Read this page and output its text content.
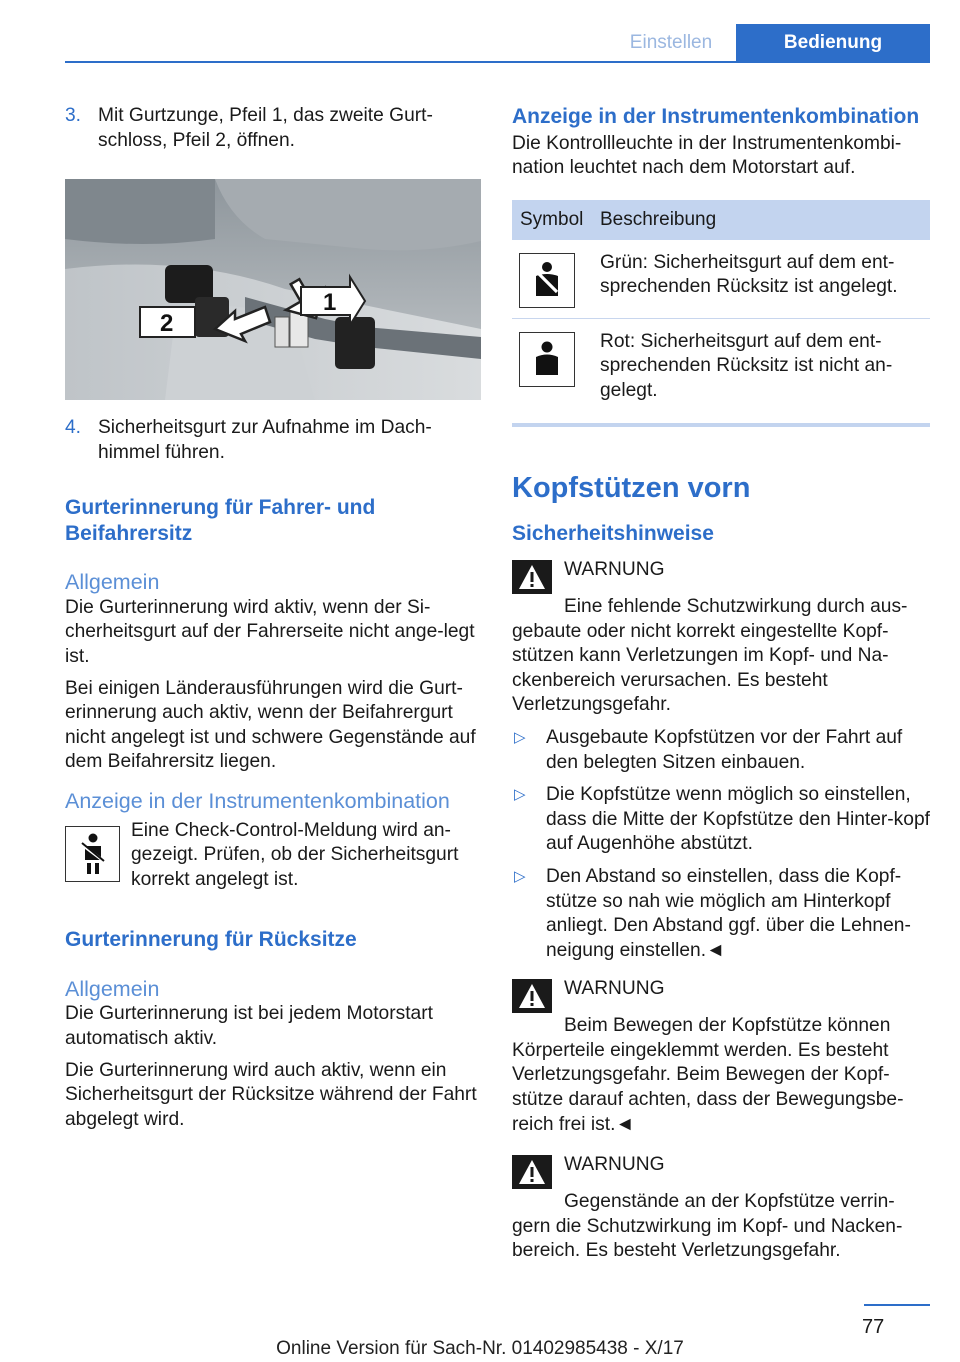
Einstellen	Bedienung
3. Mit Gurtzunge, Pfeil 1, das zweite Gurt-schloss, Pfeil 2, öffnen.
1
2
4. Sicherheitsgurt zur Aufnahme im Dach-himmel führen.
Gurterinnerung für Fahrer- und Beifahrersitz
Allgemein
Die Gurterinnerung wird aktiv, wenn der Si-cherheitsgurt auf der Fahrerseite nicht ange-legt ist.
Bei einigen Länderausführungen wird die Gurt-erinnerung auch aktiv, wenn der Beifahrergurt nicht angelegt ist und schwere Gegenstände auf dem Beifahrersitz liegen.
Anzeige in der Instrumentenkombination
Eine Check-Control-Meldung wird an-gezeigt. Prüfen, ob der Sicherheitsgurt korrekt angelegt ist.
Gurterinnerung für Rücksitze
Allgemein
Die Gurterinnerung ist bei jedem Motorstart automatisch aktiv.
Die Gurterinnerung wird auch aktiv, wenn ein Sicherheitsgurt der Rücksitze während der Fahrt abgelegt wird.
Anzeige in der Instrumentenkombination
Die Kontrollleuchte in der Instrumentenkombi-nation leuchtet nach dem Motorstart auf.
Symbol Beschreibung
Grün: Sicherheitsgurt auf dem ent-sprechenden Rücksitz ist angelegt.
Rot: Sicherheitsgurt auf dem ent-sprechenden Rücksitz ist nicht an-gelegt.
Kopfstützen vorn
Sicherheitshinweise
WARNUNG
Eine fehlende Schutzwirkung durch aus-gebaute oder nicht korrekt eingestellte Kopf-stützen kann Verletzungen im Kopf- und Na-ckenbereich verursachen. Es besteht Verletzungsgefahr.
▷	Ausgebaute Kopfstützen vor der Fahrt auf den belegten Sitzen einbauen.
▷	Die Kopfstütze wenn möglich so einstellen, dass die Mitte der Kopfstütze den Hinter-kopf auf Augenhöhe abstützt.
▷	Den Abstand so einstellen, dass die Kopf-stütze so nah wie möglich am Hinterkopf anliegt. Den Abstand ggf. über die Lehnen-neigung einstellen.◄
WARNUNG
Beim Bewegen der Kopfstütze können Körperteile eingeklemmt werden. Es besteht Verletzungsgefahr. Beim Bewegen der Kopf-stütze darauf achten, dass der Bewegungsbe-reich frei ist.◄
WARNUNG
Gegenstände an der Kopfstütze verrin-gern die Schutzwirkung im Kopf- und Nacken-bereich. Es besteht Verletzungsgefahr.
77
Online Version für Sach-Nr. 01402985438 - X/17
